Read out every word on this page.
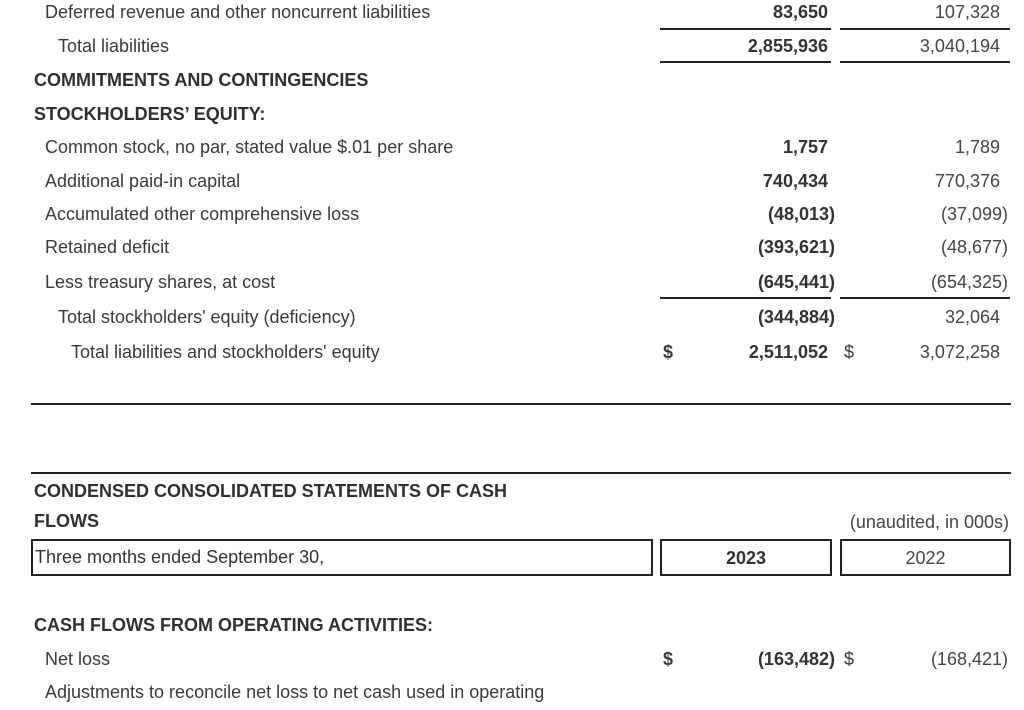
Deferred revenue and other noncurrent liabilities	83,650	107,328
Total liabilities	2,855,936	3,040,194
COMMITMENTS AND CONTINGENCIES
STOCKHOLDERS’ EQUITY:
Common stock, no par, stated value $.01 per share	1,757	1,789
Additional paid-in capital	740,434	770,376
Accumulated other comprehensive loss	(48,013)	(37,099)
Retained deficit	(393,621)	(48,677)
Less treasury shares, at cost	(645,441)	(654,325)
Total stockholders' equity (deficiency)	(344,884)	32,064
Total liabilities and stockholders' equity	$	2,511,052 $	3,072,258
CONDENSED CONSOLIDATED STATEMENTS OF CASH
FLOWS	(unaudited, in 000s)
Three months ended September 30,	2023	2022
CASH FLOWS FROM OPERATING ACTIVITIES:
Net loss	$	(163,482) $	(168,421)
Adjustments to reconcile net loss to net cash used in operating
